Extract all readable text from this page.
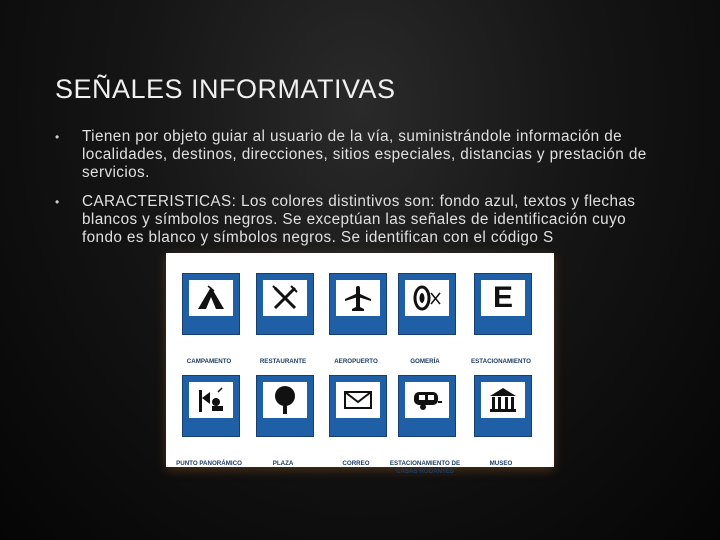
SEÑALES INFORMATIVAS
• Tienen por objeto guiar al usuario de la vía, suministrándole información de localidades, destinos, direcciones, sitios especiales, distancias y prestación de servicios.
• CARACTERISTICAS: Los colores distintivos son: fondo azul, textos y flechas blancos y símbolos negros. Se exceptúan las señales de identificación cuyo fondo es blanco y símbolos negros. Se identifican con el código S
CAMPAMENTO	RESTAURANTE	AEROPUERTO	GOMERÍA
E
ESTACIONAMIENTO
PUNTO PANORÁMICO	PLAZA	CORREO	ESTACIONAMIENTO DE CASAS RODANTES
MUSEO
